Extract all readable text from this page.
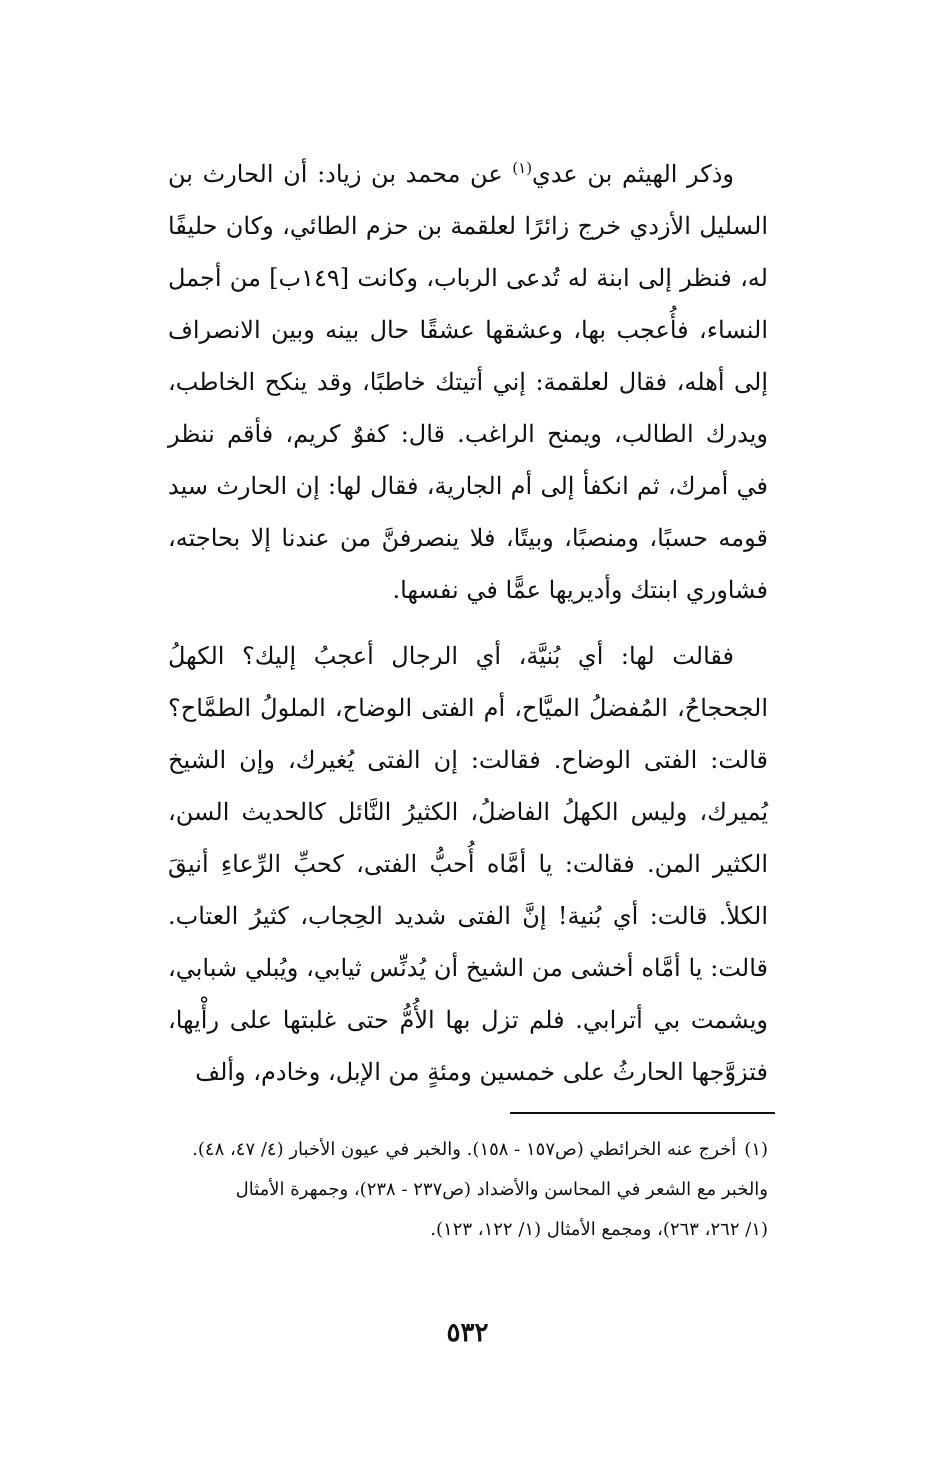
وذكر الهيثم بن عدي$^{(١)}$ عن محمد بن زياد: أن الحارث بن السليل الأزدي خرج زائرًا لعلقمة بن حزم الطائي، وكان حليفًا له، فنظر إلى ابنة له تُدعى الرباب، وكانت [١٤٩ب] من أجمل النساء، فأُعجب بها، وعشقها عشقًا حال بينه وبين الانصراف إلى أهله، فقال لعلقمة: إني أتيتك خاطبًا، وقد ينكح الخاطب، ويدرك الطالب، ويمنح الراغب. قال: كفوٌ كريم، فأقم ننظر في أمرك، ثم انكفأ إلى أم الجارية، فقال لها: إن الحارث سيد قومه حسبًا، ومنصبًا، وبيتًا، فلا ينصرفنَّ من عندنا إلا بحاجته، فشاوري ابنتك وأديريها عمًّا في نفسها.

فقالت لها: أي بُنيَّة، أي الرجال أعجبُ إليك؟ الكهلُ الجحجاحُ، المُفضلُ الميَّاح، أم الفتى الوضاح، الملولُ الطمَّاح؟ قالت: الفتى الوضاح. فقالت: إن الفتى يُغيرك، وإن الشيخ يُميرك، وليس الكهلُ الفاضلُ، الكثيرُ النَّائل كالحديث السن، الكثير المن. فقالت: يا أمَّاه أُحبُّ الفتى، كحبِّ الرِّعاءِ أنيقَ الكلأ. قالت: أي بُنية! إنَّ الفتى شديد الحِجاب، كثيرُ العتاب. قالت: يا أمَّاه أخشى من الشيخ أن يُدنِّس ثيابي، ويُبلي شبابي، ويشمت بي أترابي. فلم تزل بها الأُمُّ حتى غلبتها على رأْيها، فتزوَّجها الحارثُ على خمسين ومئةٍ من الإبل، وخادم، وألف

(١)أخرج عنه الخرائطي (ص١٥٧ - ١٥٨). والخبر في عيون الأخبار (٤/ ٤٧، ٤٨).

والخبر مع الشعر في المحاسن والأضداد (ص٢٣٧ - ٢٣٨)، وجمهرة الأمثال

(١/ ٢٦٢، ٢٦٣)، ومجمع الأمثال (١/ ١٢٢، ١٢٣).

٥٣٢
